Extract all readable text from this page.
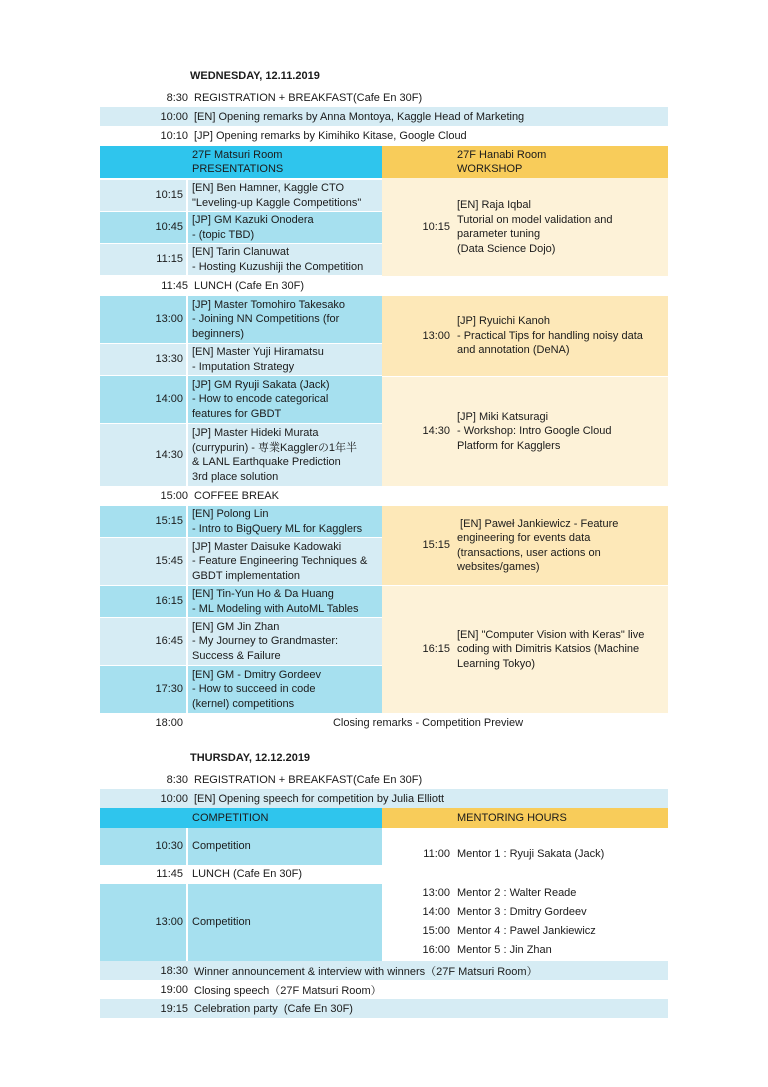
WEDNESDAY, 12.11.2019
8:30 REGISTRATION + BREAKFAST(Cafe En 30F)
10:00 [EN] Opening remarks by Anna Montoya, Kaggle Head of Marketing
10:10 [JP] Opening remarks by Kimihiko Kitase, Google Cloud
27F Matsuri Room
PRESENTATIONS
27F Hanabi Room
WORKSHOP
10:15
[EN] Ben Hamner, Kaggle CTO
"Leveling-up Kaggle Competitions"
10:45
[JP] GM Kazuki Onodera
- (topic TBD)
11:15
[EN] Tarin Clanuwat
- Hosting Kuzushiji the Competition
10:15
[EN] Raja Iqbal
Tutorial on model validation and
parameter tuning
(Data Science Dojo)
11:45 LUNCH (Cafe En 30F)
13:00
[JP] Master Tomohiro Takesako
- Joining NN Competitions (for
beginners)
13:30
[EN] Master Yuji Hiramatsu
- Imputation Strategy
14:00
[JP] GM Ryuji Sakata (Jack)
- How to encode categorical
features for GBDT
14:30
[JP] Master Hideki Murata
(currypurin) - 専業Kagglerの1年半
& LANL Earthquake Prediction
3rd place solution
13:00
[JP] Ryuichi Kanoh
- Practical Tips for handling noisy data
and annotation (DeNA)
14:30
[JP] Miki Katsuragi
- Workshop: Intro Google Cloud
Platform for Kagglers
15:00 COFFEE BREAK
15:15
[EN] Polong Lin
- Intro to BigQuery ML for Kagglers
15:45
[JP] Master Daisuke Kadowaki
- Feature Engineering Techniques &
GBDT implementation
16:15
[EN] Tin-Yun Ho & Da Huang
- ML Modeling with AutoML Tables
16:45
[EN] GM Jin Zhan
- My Journey to Grandmaster:
Success & Failure
17:30
[EN] GM - Dmitry Gordeev
- How to succeed in code
(kernel) competitions
15:15
[EN] Paweł Jankiewicz - Feature
engineering for events data
(transactions, user actions on
websites/games)
16:15
[EN] "Computer Vision with Keras" live
coding with Dimitris Katsios (Machine
Learning Tokyo)
18:00	Closing remarks - Competition Preview
THURSDAY, 12.12.2019
8:30 REGISTRATION + BREAKFAST(Cafe En 30F)
10:00 [EN] Opening speech for competition by Julia Elliott
COMPETITION	MENTORING HOURS
10:30 Competition
11:45 LUNCH (Cafe En 30F)
13:00 Competition
11:00 Mentor 1 : Ryuji Sakata (Jack)
13:00 Mentor 2 : Walter Reade
14:00 Mentor 3 : Dmitry Gordeev
15:00 Mentor 4 : Pawel Jankiewicz
16:00 Mentor 5 : Jin Zhan
18:30 Winner announcement & interview with winners（27F Matsuri Room）
19:00 Closing speech（27F Matsuri Room）
19:15 Celebration party  (Cafe En 30F)
